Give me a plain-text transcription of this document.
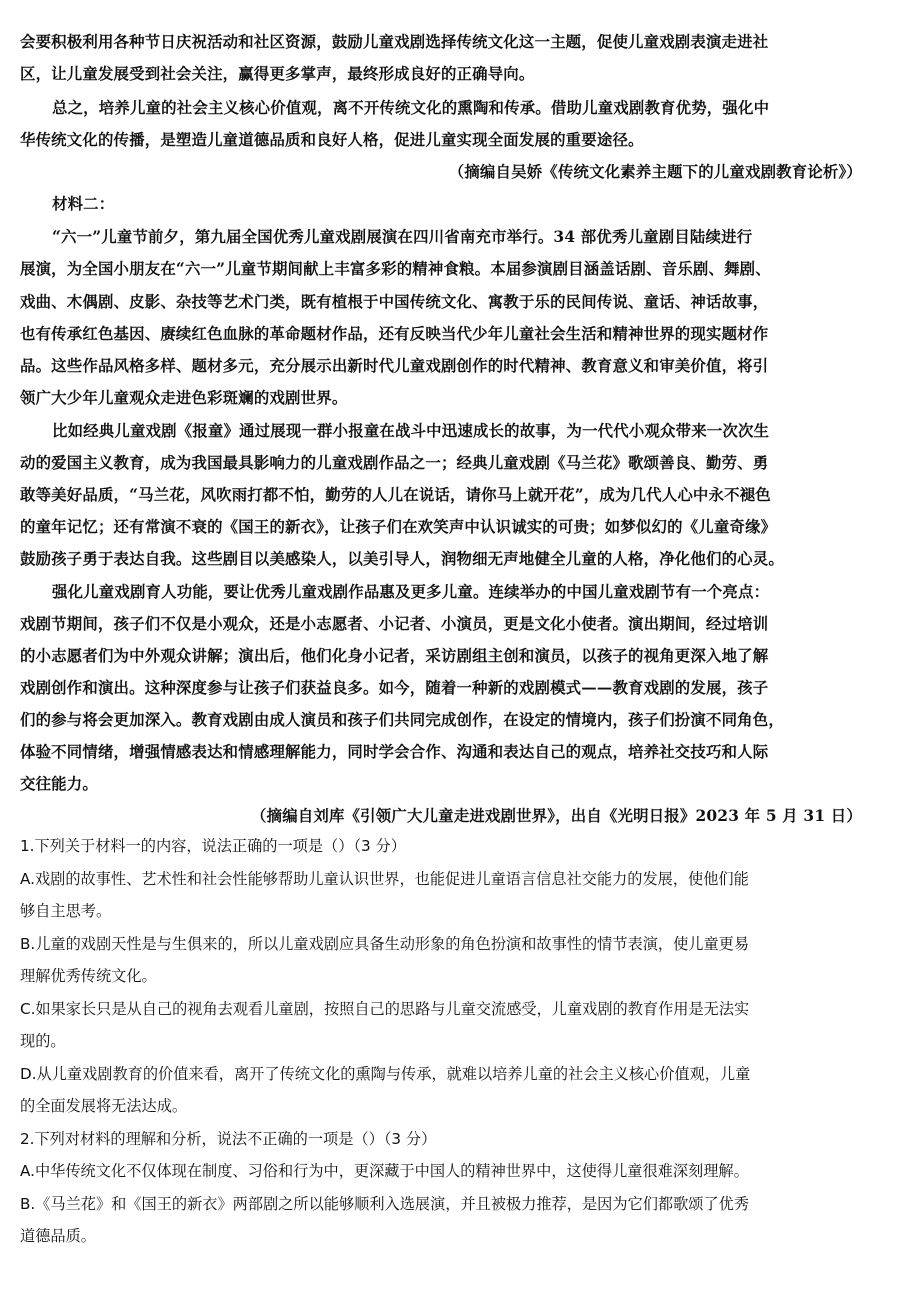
会要积极利用各种节日庆祝活动和社区资源，鼓励儿童戏剧选择传统文化这一主题，促使儿童戏剧表演走进社
区，让儿童发展受到社会关注，赢得更多掌声，最终形成良好的正确导向。
总之，培养儿童的社会主义核心价值观，离不开传统文化的熏陶和传承。借助儿童戏剧教育优势，强化中
华传统文化的传播，是塑造儿童道德品质和良好人格，促进儿童实现全面发展的重要途径。
（摘编自吴娇《传统文化素养主题下的儿童戏剧教育论析》）
材料二：
“六一”儿童节前夕，第九届全国优秀儿童戏剧展演在四川省南充市举行。34 部优秀儿童剧目陆续进行
展演，为全国小朋友在“六一”儿童节期间献上丰富多彩的精神食粮。本届参演剧目涵盖话剧、音乐剧、舞剧、
戏曲、木偶剧、皮影、杂技等艺术门类，既有植根于中国传统文化、寓教于乐的民间传说、童话、神话故事，
也有传承红色基因、赓续红色血脉的革命题材作品，还有反映当代少年儿童社会生活和精神世界的现实题材作
品。这些作品风格多样、题材多元，充分展示出新时代儿童戏剧创作的时代精神、教育意义和审美价值，将引
领广大少年儿童观众走进色彩斑斓的戏剧世界。
比如经典儿童戏剧《报童》通过展现一群小报童在战斗中迅速成长的故事，为一代代小观众带来一次次生
动的爱国主义教育，成为我国最具影响力的儿童戏剧作品之一；经典儿童戏剧《马兰花》歌颂善良、勤劳、勇
敢等美好品质，“马兰花，风吹雨打都不怕，勤劳的人儿在说话，请你马上就开花”，成为几代人心中永不褪色
的童年记忆；还有常演不衰的《国王的新衣》，让孩子们在欢笑声中认识诚实的可贵；如梦似幻的《儿童奇缘》
鼓励孩子勇于表达自我。这些剧目以美感染人，以美引导人，润物细无声地健全儿童的人格，净化他们的心灵。
强化儿童戏剧育人功能，要让优秀儿童戏剧作品惠及更多儿童。连续举办的中国儿童戏剧节有一个亮点：
戏剧节期间，孩子们不仅是小观众，还是小志愿者、小记者、小演员，更是文化小使者。演出期间，经过培训
的小志愿者们为中外观众讲解；演出后，他们化身小记者，采访剧组主创和演员，以孩子的视角更深入地了解
戏剧创作和演出。这种深度参与让孩子们获益良多。如今，随着一种新的戏剧模式——教育戏剧的发展，孩子
们的参与将会更加深入。教育戏剧由成人演员和孩子们共同完成创作，在设定的情境内，孩子们扮演不同角色，
体验不同情绪，增强情感表达和情感理解能力，同时学会合作、沟通和表达自己的观点，培养社交技巧和人际
交往能力。
（摘编自刘库《引领广大儿童走进戏剧世界》，出自《光明日报》2023 年 5 月 31 日）
1.下列关于材料一的内容，说法正确的一项是（）（3 分）
A.戏剧的故事性、艺术性和社会性能够帮助儿童认识世界，也能促进儿童语言信息社交能力的发展，使他们能
够自主思考。
B.儿童的戏剧天性是与生俱来的，所以儿童戏剧应具备生动形象的角色扮演和故事性的情节表演，使儿童更易
理解优秀传统文化。
C.如果家长只是从自己的视角去观看儿童剧，按照自己的思路与儿童交流感受，儿童戏剧的教育作用是无法实
现的。
D.从儿童戏剧教育的价值来看，离开了传统文化的熏陶与传承，就难以培养儿童的社会主义核心价值观，儿童
的全面发展将无法达成。
2.下列对材料的理解和分析，说法不正确的一项是（）（3 分）
A.中华传统文化不仅体现在制度、习俗和行为中，更深藏于中国人的精神世界中，这使得儿童很难深刻理解。
B.《马兰花》和《国王的新衣》两部剧之所以能够顺利入选展演，并且被极力推荐，是因为它们都歌颂了优秀
道德品质。
